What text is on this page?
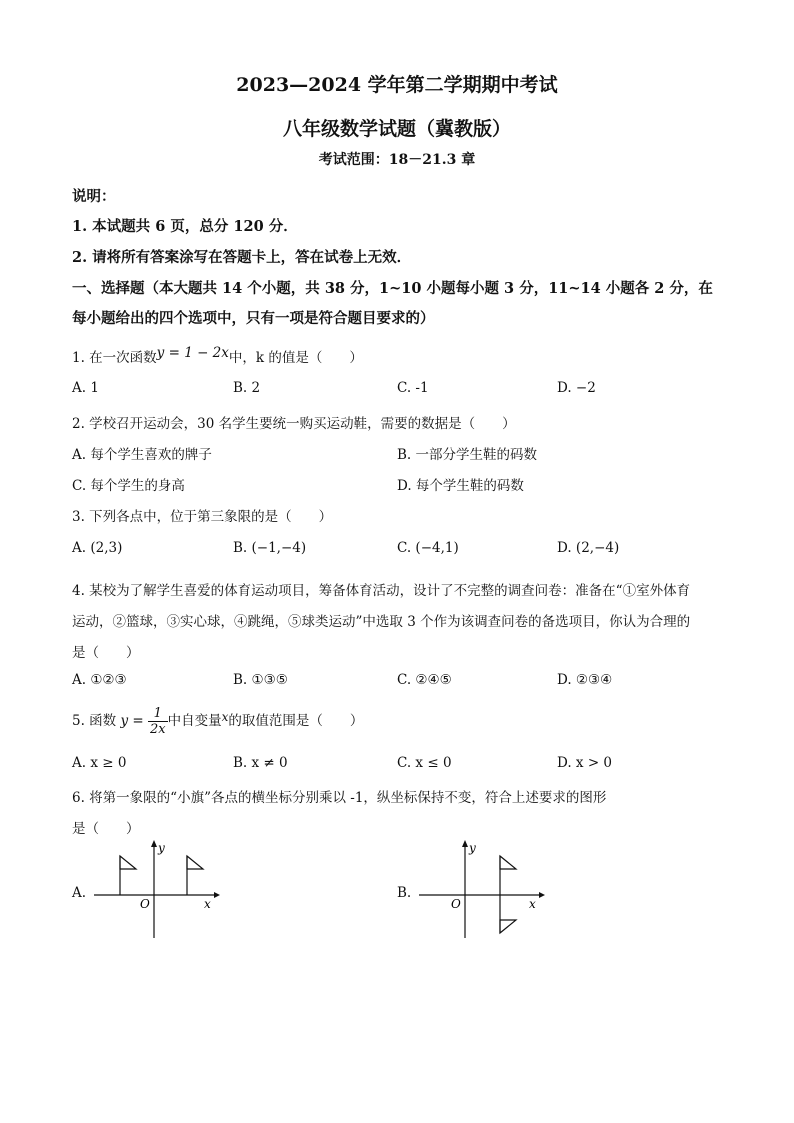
2023—2024 学年第二学期期中考试
八年级数学试题（冀教版）
考试范围：18－21.3 章
说明：
1. 本试题共 6 页，总分 120 分．
2. 请将所有答案涂写在答题卡上，答在试卷上无效．
一、选择题（本大题共 14 个小题，共 38 分，1~10 小题每小题 3 分，11~14 小题各 2 分，在
每小题给出的四个选项中，只有一项是符合题目要求的）
1. 在一次函数y = 1 − 2x中，k 的值是（　　）
A. 1	B. 2	C. -1	D. −2
2. 学校召开运动会，30 名学生要统一购买运动鞋，需要的数据是（　　）
A. 每个学生喜欢的牌子	B. 一部分学生鞋的码数
C. 每个学生的身高	D. 每个学生鞋的码数
3. 下列各点中，位于第三象限的是（　　）
A. (2,3)	B. (−1,−4)	C. (−4,1)	D. (2,−4)
4. 某校为了解学生喜爱的体育运动项目，筹备体育活动，设计了不完整的调查问卷：准备在“①室外体育
运动，②篮球，③实心球，④跳绳，⑤球类运动”中选取 3 个作为该调查问卷的备选项目，你认为合理的
是（　　）
A. ①②③	B. ①③⑤	C. ②④⑤	D. ②③④
5. 函数 $y = \frac{1}{2x}$ 中自变量x的取值范围是（　　）
A. x ≥ 0	B. x ≠ 0	C. x ≤ 0	D. x > 0
6. 将第一象限的“小旗”各点的横坐标分别乘以 -1，纵坐标保持不变，符合上述要求的图形
是（　　）
A.
y
x
O
B.
y
x
O
